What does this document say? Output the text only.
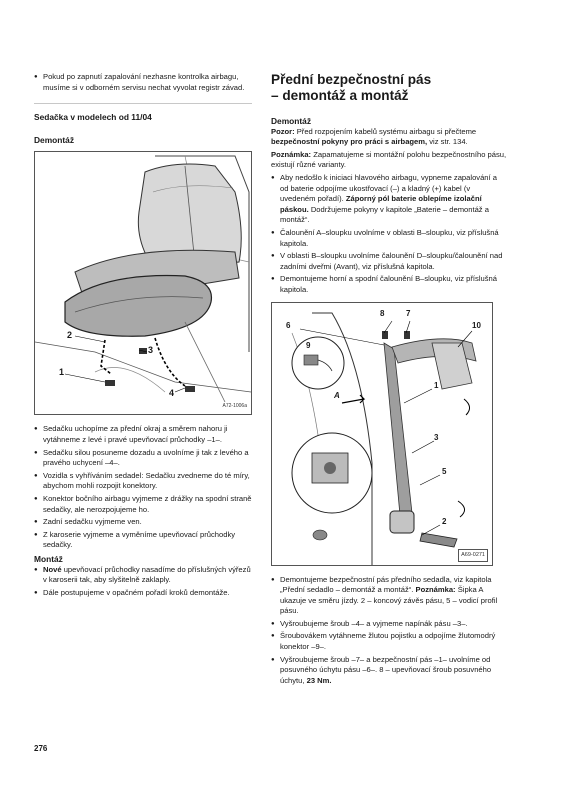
● Pokud po zapnutí zapalování nezhasne kontrolka airbagu, musíme si v odborném servisu nechat vyvolat registr závad.
Sedačka v modelech od 11/04
Demontáž
A72-1006a
1
2
3
4
● Sedačku uchopíme za přední okraj a směrem nahoru ji vytáhneme z levé i pravé upevňovací průchodky –1–.
● Sedačku silou posuneme dozadu a uvolníme ji tak z levého a pravého uchycení –4–.
● Vozidla s vyhříváním sedadel: Sedačku zvedneme do té míry, abychom mohli rozpojit konektory.
● Konektor bočního airbagu vyjmeme z drážky na spodní straně sedačky, ale nerozpojujeme ho.
● Zadní sedačku vyjmeme ven.
● Z karoserie vyjmeme a vyměníme upevňovací průchodky sedačky.
Montáž
● Nové upevňovací průchodky nasadíme do příslušných výřezů v karoserii tak, aby slyšitelně zaklaply.
● Dále postupujeme v opačném pořadí kroků demontáže.
Přední bezpečnostní pás
– demontáž a montáž
Demontáž
Pozor: Před rozpojením kabelů systému airbagu si přečteme bezpečnostní pokyny pro práci s airbagem, viz str. 134.
Poznámka: Zapamatujeme si montážní polohu bezpečnostního pásu, existují různé varianty.
● Aby nedošlo k iniciaci hlavového airbagu, vypneme zapalování a od baterie odpojíme ukostřovací (–) a kladný (+) kabel (v uvedeném pořadí). Záporný pól baterie oblepíme izolační páskou. Dodržujeme pokyny v kapitole „Baterie – demontáž a montáž“.
● Čalounění A–sloupku uvolníme v oblasti B–sloupku, viz příslušná kapitola.
● V oblasti B–sloupku uvolníme čalounění D–sloupku/čalounění nad zadními dveřmi (Avant), viz příslušná kapitola.
● Demontujeme horní a spodní čalounění B–sloupku, viz příslušná kapitola.
8	7
6	10
9
1
3
5
2
A
A69-0271
● Demontujeme bezpečnostní pás předního sedadla, viz kapitola „Přední sedadlo – demontáž a montáž“. Poznámka: Šipka A ukazuje ve směru jízdy. 2 – koncový závěs pásu, 5 – vodicí profil pásu.
● Vyšroubujeme šroub –4– a vyjmeme napínák pásu –3–.
● Šroubovákem vytáhneme žlutou pojistku a odpojíme žlutomodrý konektor –9–.
● Vyšroubujeme šroub –7– a bezpečnostní pás –1– uvolníme od posuvného úchytu pásu –6–. 8 – upevňovací šroub posuvného úchytu, 23 Nm.
276
